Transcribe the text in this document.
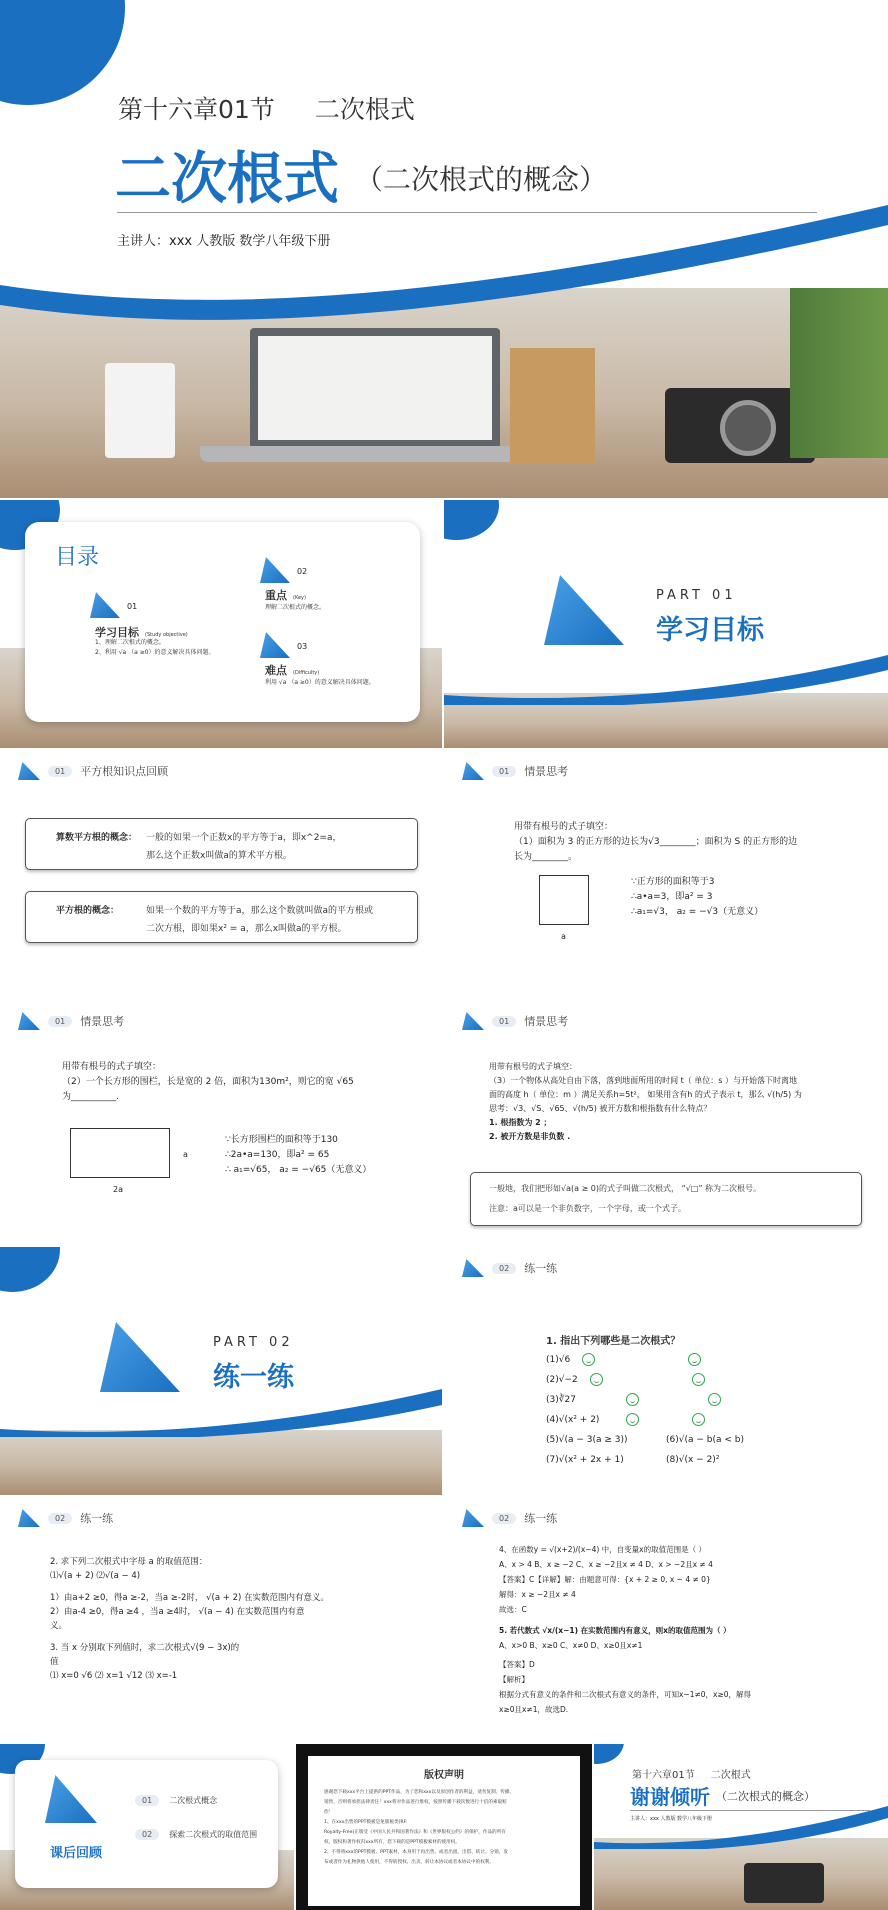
第十六章01节 二次根式
二次根式 （二次根式的概念）
主讲人：xxx 人教版 数学八年级下册
目录
01
学习目标 (Study objective)
1、理解二次根式的概念。
2、利用 √a （a ≥0）的意义解决具体问题。
02
重点 (Key)
理解二次根式的概念。
03
难点 (Difficulty)
利用 √a （a ≥0）的意义解决具体问题。
PART 01
学习目标
01	平方根知识点回顾
算数平方根的概念： 一般的如果一个正数x的平方等于a，即x^2=a，
那么这个正数x叫做a的算术平方根。
平方根的概念：	如果一个数的平方等于a，那么这个数就叫做a的平方根或
二次方根，即如果x² = a，那么x叫做a的平方根。
01	情景思考
用带有根号的式子填空：
（1）面积为 3 的正方形的边长为√3________；面积为 S 的正方形的边
长为________。
a
∵正方形的面积等于3
∴a•a=3，即a² = 3
∴a₁=√3， a₂ = −√3（无意义）
01	情景思考
用带有根号的式子填空：
（2）一个长方形的围栏，长是宽的 2 倍，面积为130m²，则它的宽 √65
为__________.
a
2a
∵长方形围栏的面积等于130
∴2a•a=130，即a² = 65
∴ a₁=√65， a₂ = −√65（无意义）
01	情景思考
用带有根号的式子填空：
（3）一个物体从高处自由下落，落到地面所用的时间 t（ 单位：s ）与开始落下时离地
面的高度 h（ 单位：m ）满足关系h=5t²， 如果用含有h 的式子表示 t，那么 √(h/5) 为
思考：√3、√S、√65、√(h/5) 被开方数和根指数有什么特点？
1. 根指数为 2 ；
2. 被开方数是非负数 .
一般地，我们把形如√a(a ≥ 0)的式子叫做二次根式， “√□” 称为二次根号。
注意：a可以是一个非负数字，一个字母，或一个式子。
PART 02
练一练
02	练一练
1. 指出下列哪些是二次根式？
(1)√6
(2)√−2
(3)∛27
(4)√(x² + 2)
(5)√(a − 3(a ≥ 3))
(7)√(x² + 2x + 1)
(6)√(a − b(a < b)
(8)√(x − 2)²
02	练一练
2. 求下列二次根式中字母 a 的取值范围：
⑴√(a + 2) ⑵√(a − 4)
1）由a+2 ≥0，得a ≥-2，当a ≥-2时， √(a + 2) 在实数范围内有意义。
2）由a-4 ≥0，得a ≥4 ，当a ≥4时， √(a − 4) 在实数范围内有意
义。
3. 当 x 分别取下列值时，求二次根式√(9 − 3x)的
值
⑴ x=0 √6 ⑵ x=1 √12 ⑶ x=-1
02	练一练
4、在函数y = √(x+2)/(x−4) 中，自变量x的取值范围是（ ）
A、x > 4 B、x ≥ −2 C、x ≥ −2且x ≠ 4 D、x > −2且x ≠ 4
【答案】C【详解】解：由题意可得：{x + 2 ≥ 0, x − 4 ≠ 0}
解得：x ≥ −2且x ≠ 4
故选：C
5. 若代数式 √x/(x−1) 在实数范围内有意义，则x的取值范围为（ ）
A、x>0 B、x≥0 C、x≠0 D、x≥0且x≠1
【答案】D
【解析】
根据分式有意义的条件和二次根式有意义的条件，可知x−1≠0，x≥0，解得
x≥0且x≠1，故选D.
课后回顾
01	二次根式概念
02	探索二次根式的取值范围
版权声明
感谢您下载xxx平台上提供的PPT作品，为了您和xxx以及原创作者的利益，请勿复制、传播、
销售，否则将承担法律责任！xxx将对作品进行维权，按照传播下载次数进行十倍的索取赔
偿！
1、在xxx出售的PPT模板是免版税类(RF:
Royalty-Free)正版受《中国人民共和国著作法》和《世界版权公约》的保护，作品的所有
权、版权和著作权归xxx所有，您下载的是PPT模板素材的使用权。
2、不得将xxx的PPT模板、PPT素材，本身用于再出售、或者出租、出借、转让、分销、发
布或者作为礼物供他人使用，不得转授权、出卖、转让本协议或者本协议中的权利。
第十六章01节 二次根式
谢谢倾听 （二次根式的概念）
主讲人：xxx 人教版 数学八年级下册
